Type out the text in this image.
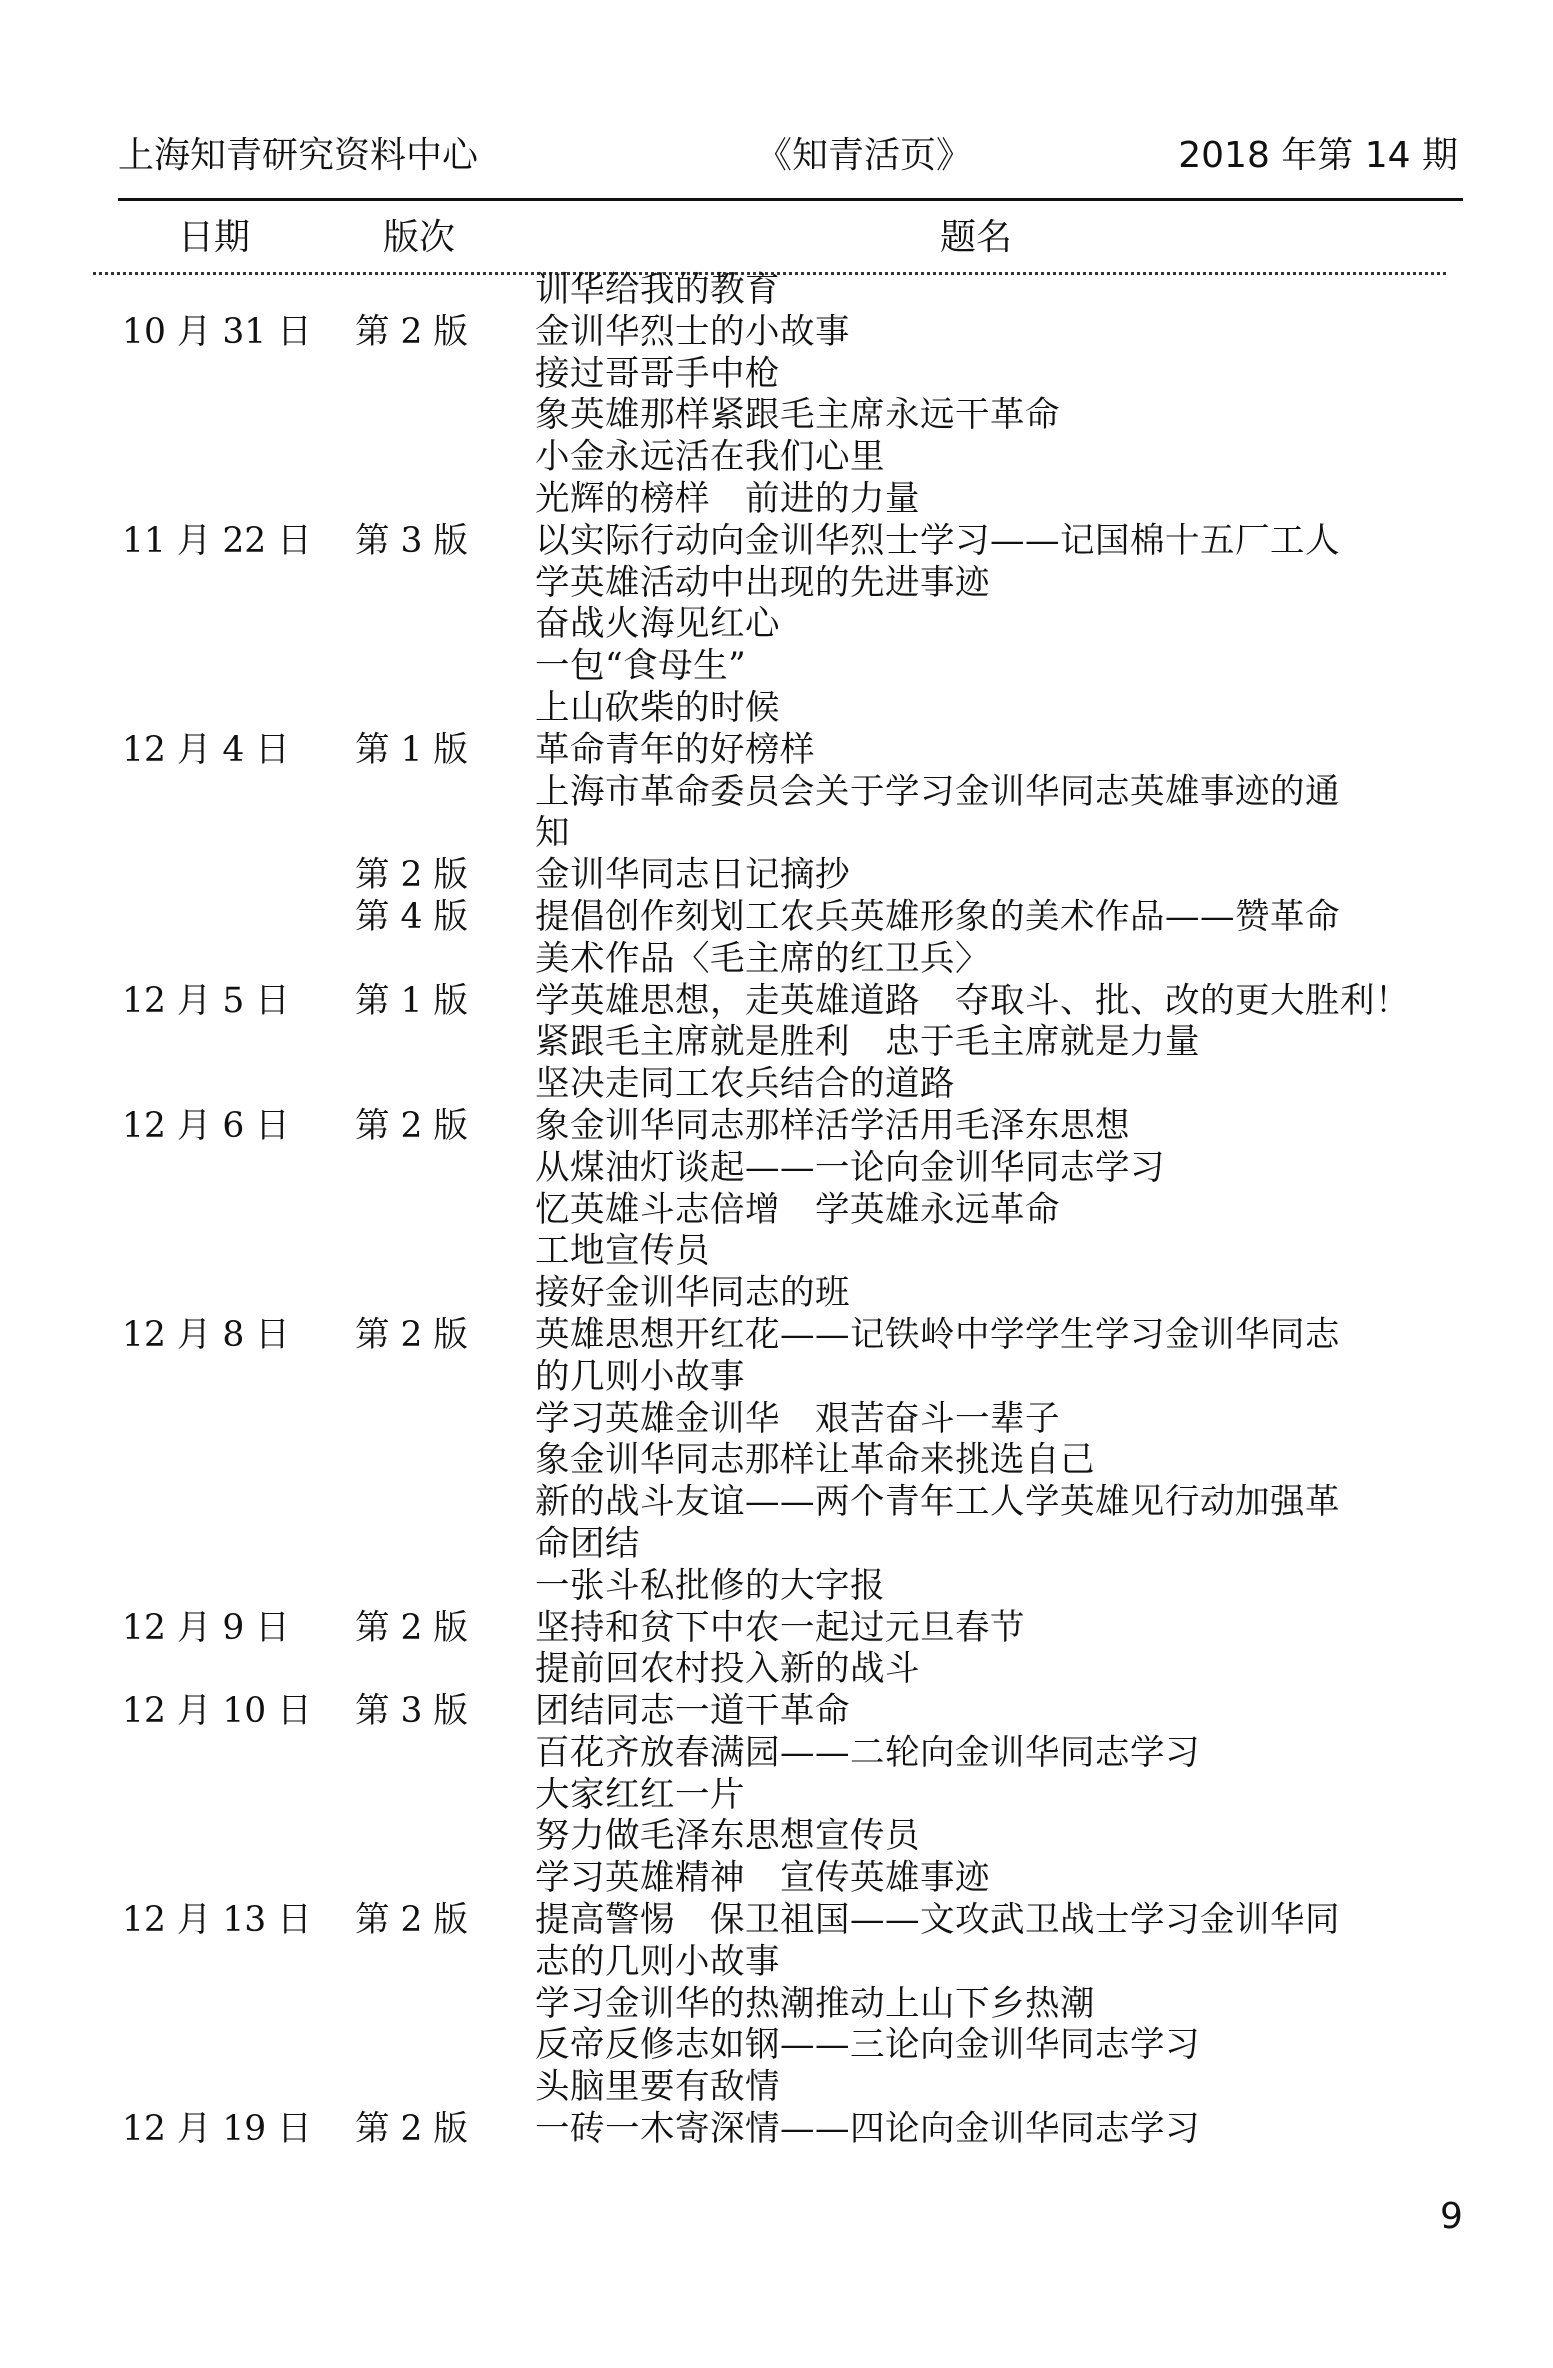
上海知青研究资料中心	《知青活页》	2018 年第 14 期
日期	版次	题名
训华给我的教育
10 月 31 日 第 2 版 金训华烈士的小故事
接过哥哥手中枪
象英雄那样紧跟毛主席永远干革命
小金永远活在我们心里
光辉的榜样　前进的力量
11 月 22 日 第 3 版 以实际行动向金训华烈士学习——记国棉十五厂工人
学英雄活动中出现的先进事迹
奋战火海见红心
一包“食母生”
上山砍柴的时候
12 月 4 日 第 1 版 革命青年的好榜样
上海市革命委员会关于学习金训华同志英雄事迹的通
知
第 2 版 金训华同志日记摘抄
第 4 版 提倡创作刻划工农兵英雄形象的美术作品——赞革命
美术作品〈毛主席的红卫兵〉
12 月 5 日 第 1 版 学英雄思想，走英雄道路　夺取斗、批、改的更大胜利！
紧跟毛主席就是胜利　忠于毛主席就是力量
坚决走同工农兵结合的道路
12 月 6 日 第 2 版 象金训华同志那样活学活用毛泽东思想
从煤油灯谈起——一论向金训华同志学习
忆英雄斗志倍增　学英雄永远革命
工地宣传员
接好金训华同志的班
12 月 8 日 第 2 版 英雄思想开红花——记铁岭中学学生学习金训华同志
的几则小故事
学习英雄金训华　艰苦奋斗一辈子
象金训华同志那样让革命来挑选自己
新的战斗友谊——两个青年工人学英雄见行动加强革
命团结
一张斗私批修的大字报
12 月 9 日 第 2 版 坚持和贫下中农一起过元旦春节
提前回农村投入新的战斗
12 月 10 日 第 3 版 团结同志一道干革命
百花齐放春满园——二轮向金训华同志学习
大家红红一片
努力做毛泽东思想宣传员
学习英雄精神　宣传英雄事迹
12 月 13 日 第 2 版 提高警惕　保卫祖国——文攻武卫战士学习金训华同
志的几则小故事
学习金训华的热潮推动上山下乡热潮
反帝反修志如钢——三论向金训华同志学习
头脑里要有敌情
12 月 19 日 第 2 版 一砖一木寄深情——四论向金训华同志学习
9
